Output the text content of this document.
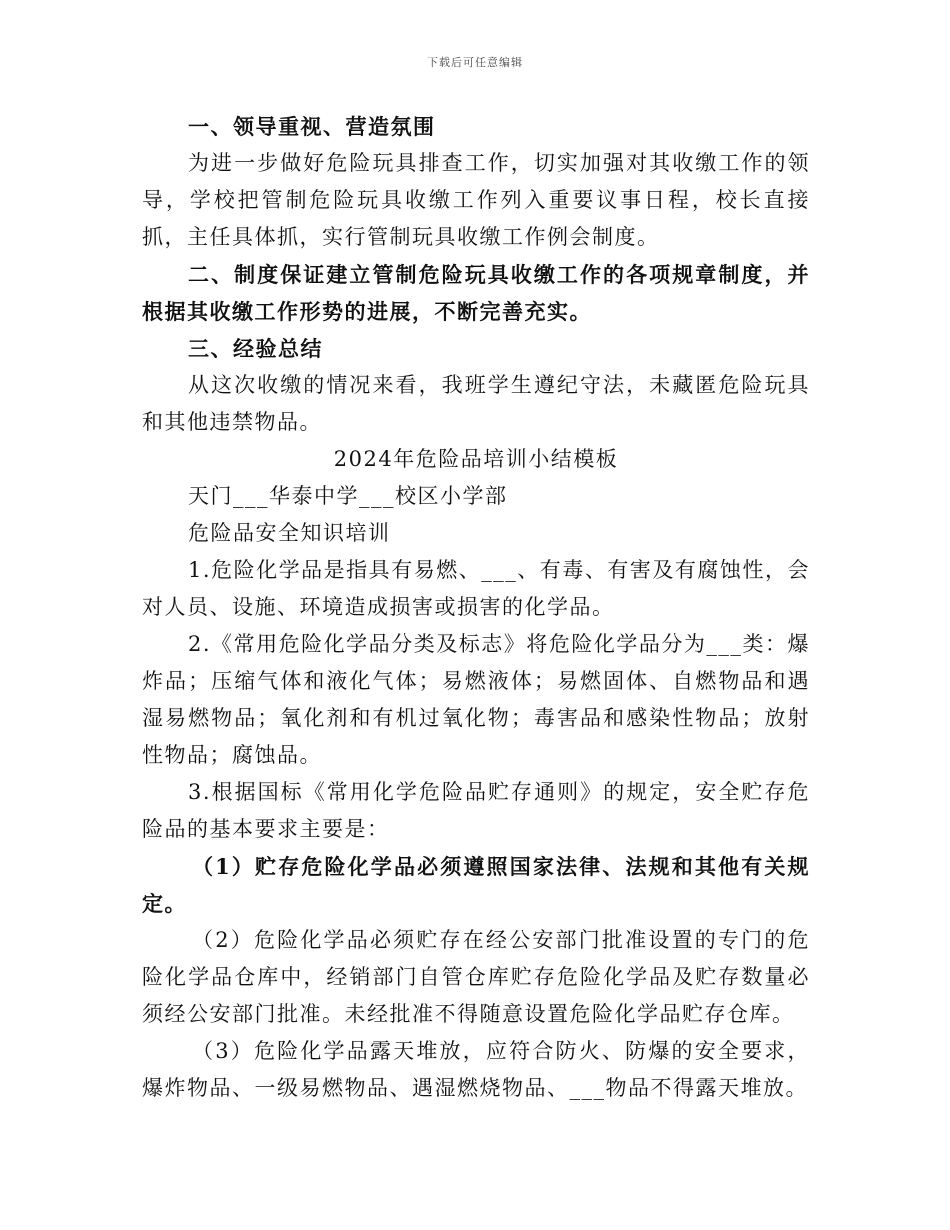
下载后可任意编辑

一、领导重视、营造氛围

为进一步做好危险玩具排查工作，切实加强对其收缴工作的领导，学校把管制危险玩具收缴工作列入重要议事日程，校长直接抓，主任具体抓，实行管制玩具收缴工作例会制度。

二、制度保证建立管制危险玩具收缴工作的各项规章制度，并根据其收缴工作形势的进展，不断完善充实。

三、经验总结

从这次收缴的情况来看，我班学生遵纪守法，未藏匿危险玩具和其他违禁物品。

2024年危险品培训小结模板

天门___华泰中学___校区小学部

危险品安全知识培训

1.危险化学品是指具有易燃、___、有毒、有害及有腐蚀性，会对人员、设施、环境造成损害或损害的化学品。

2.《常用危险化学品分类及标志》将危险化学品分为___类：爆炸品；压缩气体和液化气体；易燃液体；易燃固体、自燃物品和遇湿易燃物品；氧化剂和有机过氧化物；毒害品和感染性物品；放射性物品；腐蚀品。

3.根据国标《常用化学危险品贮存通则》的规定，安全贮存危险品的基本要求主要是：

（1）贮存危险化学品必须遵照国家法律、法规和其他有关规定。

（2）危险化学品必须贮存在经公安部门批准设置的专门的危险化学品仓库中，经销部门自管仓库贮存危险化学品及贮存数量必须经公安部门批准。未经批准不得随意设置危险化学品贮存仓库。

（3）危险化学品露天堆放，应符合防火、防爆的安全要求，爆炸物品、一级易燃物品、遇湿燃烧物品、___物品不得露天堆放。
